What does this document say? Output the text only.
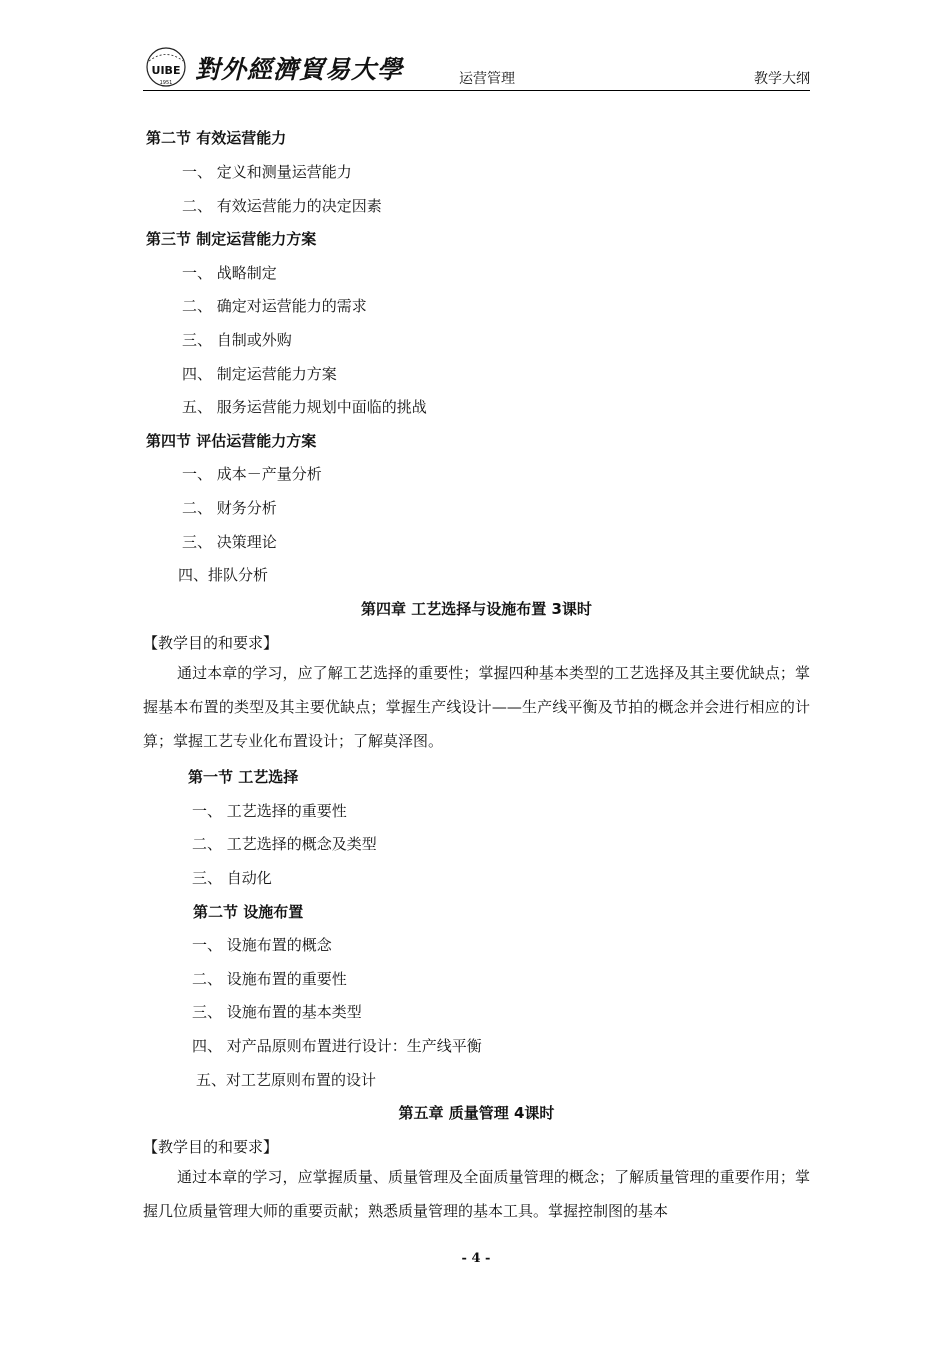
UIBE
1951 對外經濟貿易大學	运营管理	教学大纲
第二节 有效运营能力
一、 定义和测量运营能力
二、 有效运营能力的决定因素
第三节 制定运营能力方案
一、 战略制定
二、 确定对运营能力的需求
三、 自制或外购
四、 制定运营能力方案
五、 服务运营能力规划中面临的挑战
第四节 评估运营能力方案
一、 成本－产量分析
二、 财务分析
三、 决策理论
四、排队分析
第四章 工艺选择与设施布置 3课时
【教学目的和要求】
通过本章的学习，应了解工艺选择的重要性；掌握四种基本类型的工艺选择及其主要优缺点；掌握基本布置的类型及其主要优缺点；掌握生产线设计——生产线平衡及节拍的概念并会进行相应的计算；掌握工艺专业化布置设计；了解莫泽图。
第一节 工艺选择
一、 工艺选择的重要性
二、 工艺选择的概念及类型
三、 自动化
第二节 设施布置
一、 设施布置的概念
二、 设施布置的重要性
三、 设施布置的基本类型
四、 对产品原则布置进行设计：生产线平衡
五、对工艺原则布置的设计
第五章 质量管理 4课时
【教学目的和要求】
通过本章的学习，应掌握质量、质量管理及全面质量管理的概念；了解质量管理的重要作用；掌握几位质量管理大师的重要贡献；熟悉质量管理的基本工具。掌握控制图的基本
- 4 -
